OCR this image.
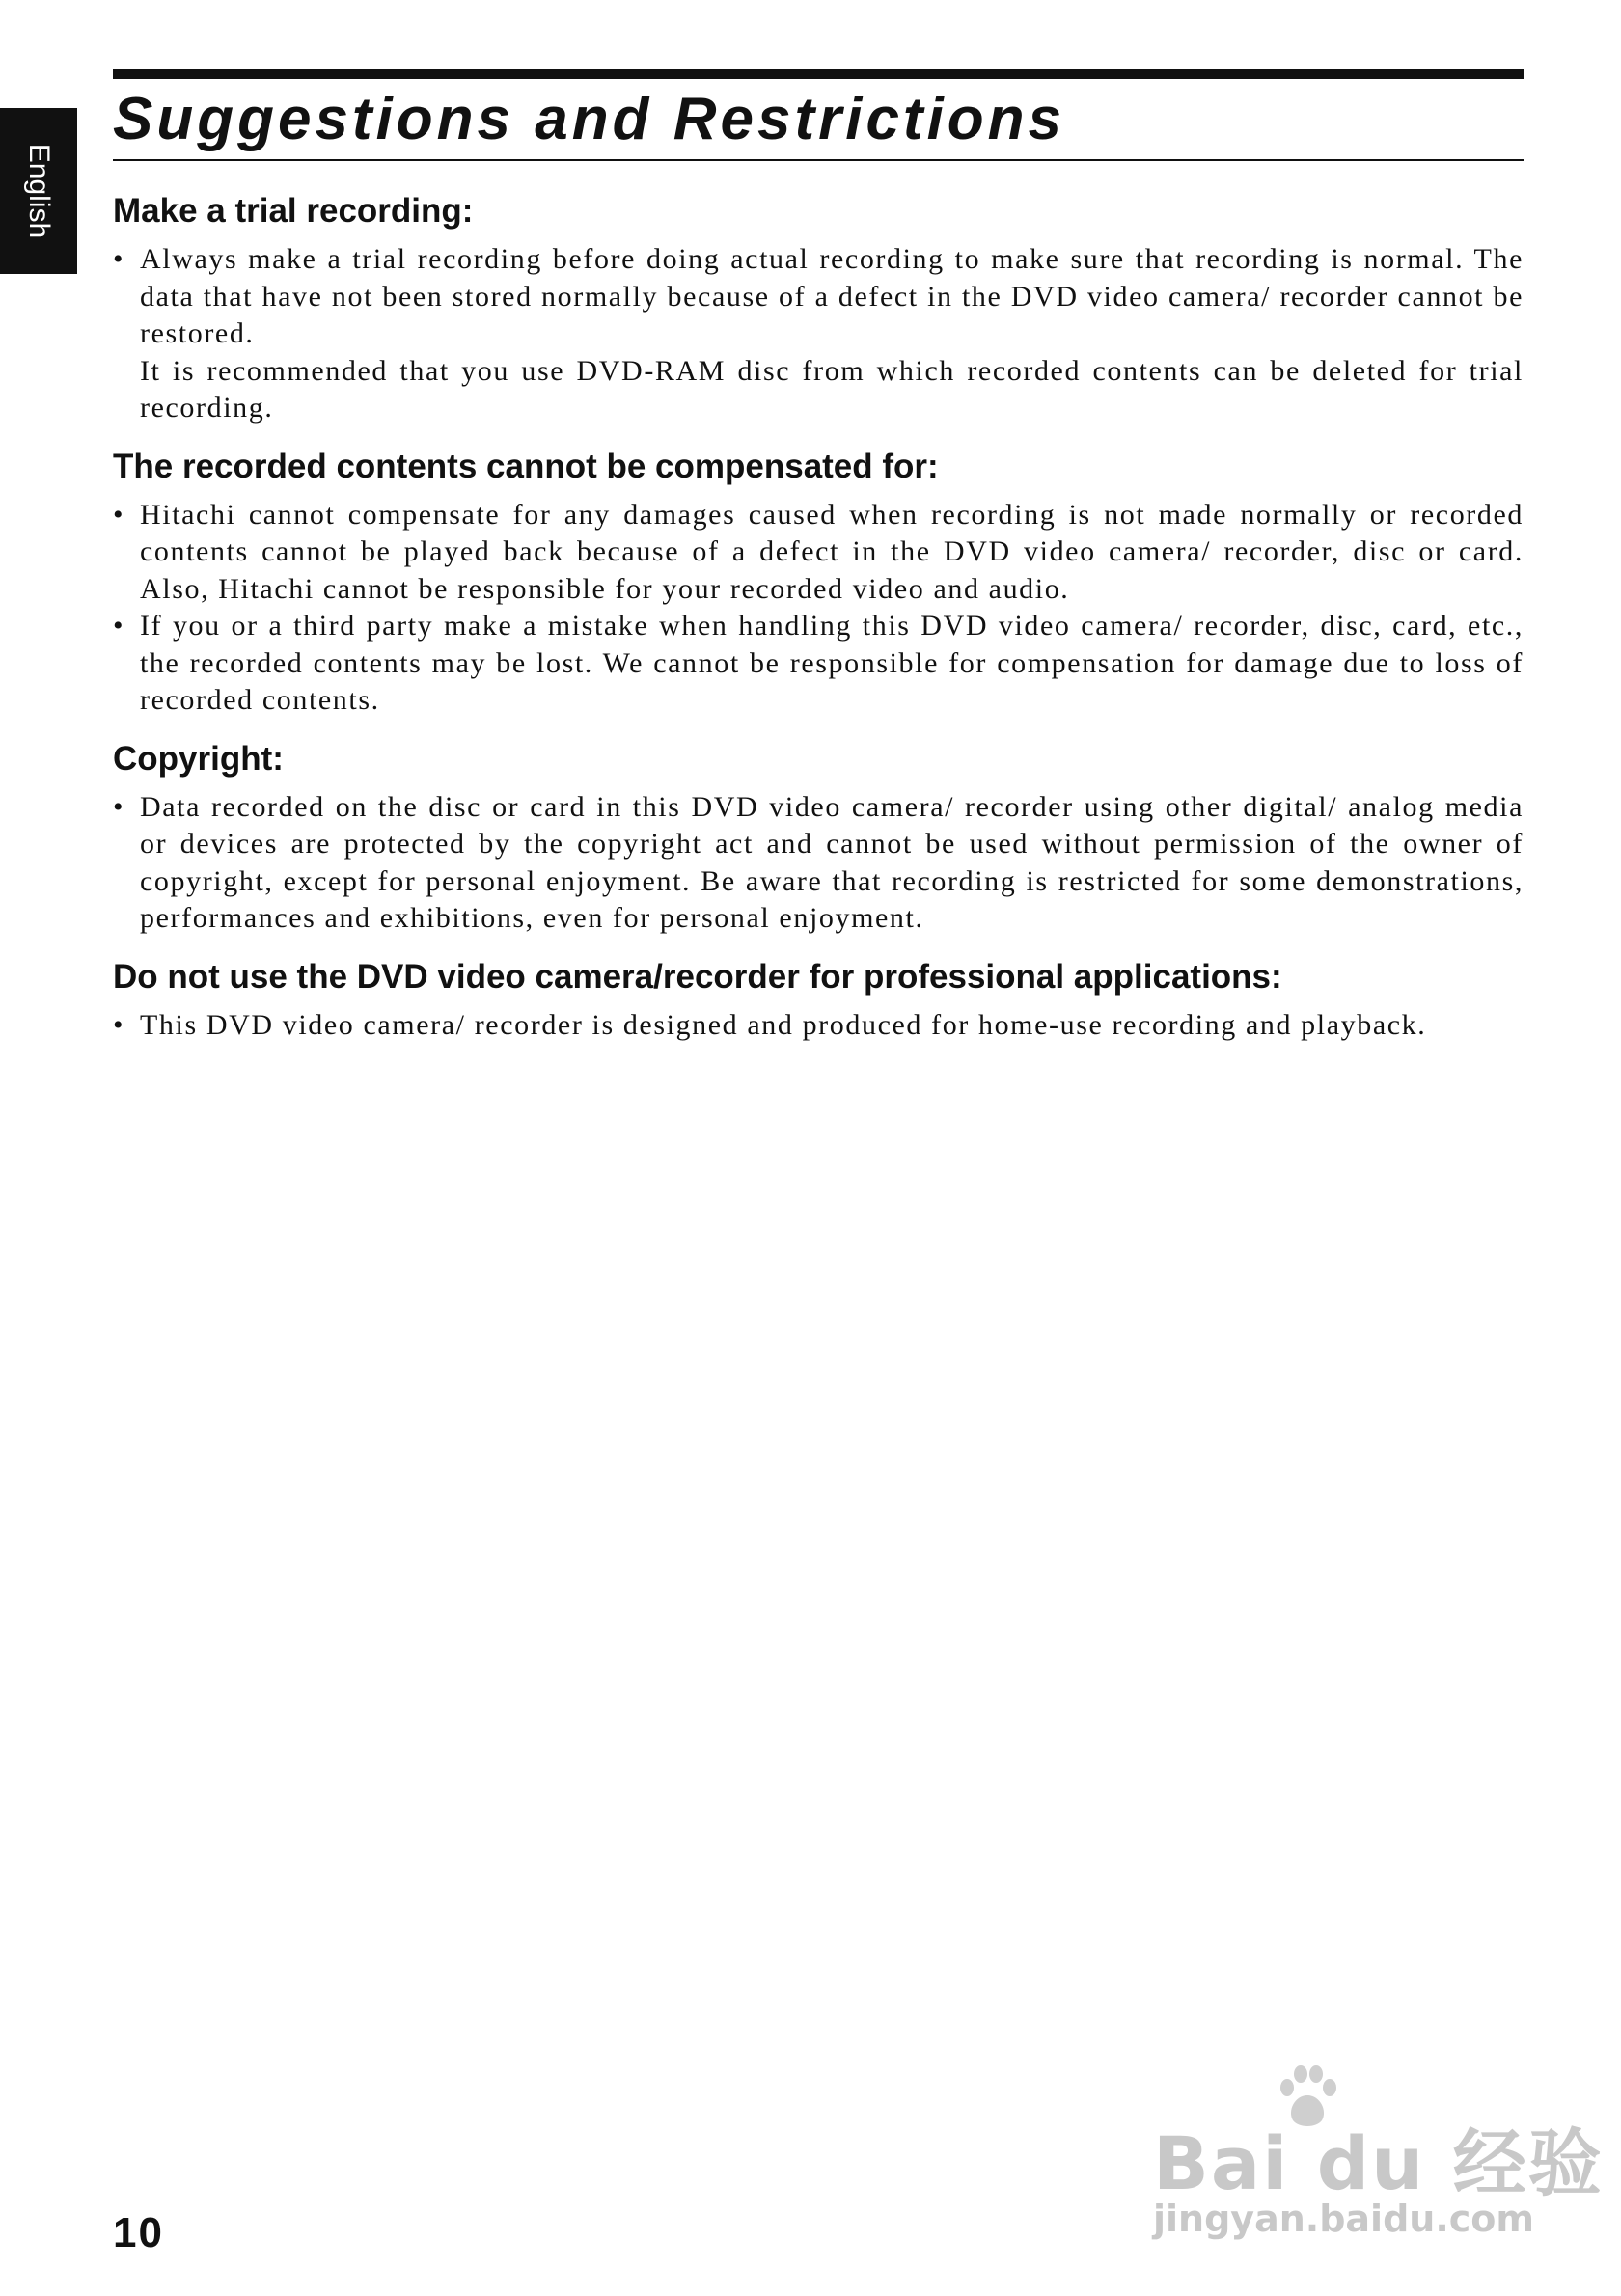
English
Suggestions and Restrictions
Make a trial recording:
• Always make a trial recording before doing actual recording to make sure that recording is normal. The data that have not been stored normally because of a defect in the DVD video camera/ recorder cannot be restored.

It is recommended that you use DVD-RAM disc from which recorded contents can be deleted for trial recording.

The recorded contents cannot be compensated for:
• Hitachi cannot compensate for any damages caused when recording is not made normally or recorded contents cannot be played back because of a defect in the DVD video camera/ recorder, disc or card. Also, Hitachi cannot be responsible for your recorded video and audio.

• If you or a third party make a mistake when handling this DVD video camera/ recorder, disc, card, etc., the recorded contents may be lost. We cannot be responsible for compensation for damage due to loss of recorded contents.

Copyright:
• Data recorded on the disc or card in this DVD video camera/ recorder using other digital/ analog media or devices are protected by the copyright act and cannot be used without permission of the owner of copyright, except for personal enjoyment. Be aware that recording is restricted for some demonstrations, performances and exhibitions, even for personal enjoyment.

Do not use the DVD video camera/recorder for professional applications:
• This DVD video camera/ recorder is designed and produced for home-use recording and playback.

10
Bai du 经验
jingyan.baidu.com
